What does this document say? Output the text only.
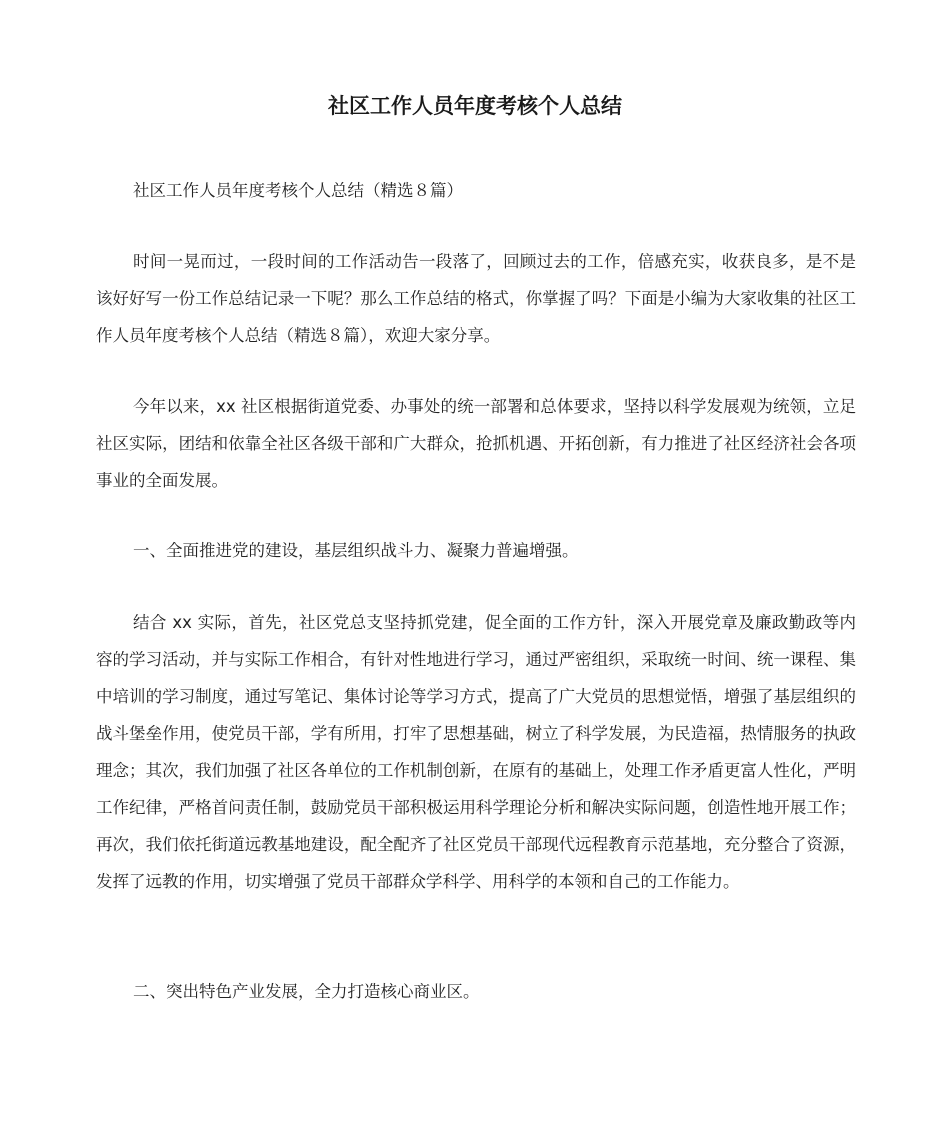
社区工作人员年度考核个人总结
社区工作人员年度考核个人总结（精选８篇）
时间一晃而过，一段时间的工作活动告一段落了，回顾过去的工作，倍感充实，收获良多，是不是该好好写一份工作总结记录一下呢？那么工作总结的格式，你掌握了吗？下面是小编为大家收集的社区工作人员年度考核个人总结（精选８篇），欢迎大家分享。
今年以来，xx 社区根据街道党委、办事处的统一部署和总体要求，坚持以科学发展观为统领，立足社区实际，团结和依靠全社区各级干部和广大群众，抢抓机遇、开拓创新，有力推进了社区经济社会各项事业的全面发展。
一、全面推进党的建设，基层组织战斗力、凝聚力普遍增强。
结合 xx 实际，首先，社区党总支坚持抓党建，促全面的工作方针，深入开展党章及廉政勤政等内容的学习活动，并与实际工作相合，有针对性地进行学习，通过严密组织，采取统一时间、统一课程、集中培训的学习制度，通过写笔记、集体讨论等学习方式，提高了广大党员的思想觉悟，增强了基层组织的战斗堡垒作用，使党员干部，学有所用，打牢了思想基础，树立了科学发展，为民造福，热情服务的执政理念；其次，我们加强了社区各单位的工作机制创新，在原有的基础上，处理工作矛盾更富人性化，严明工作纪律，严格首问责任制，鼓励党员干部积极运用科学理论分析和解决实际问题，创造性地开展工作；再次，我们依托街道远教基地建设，配全配齐了社区党员干部现代远程教育示范基地，充分整合了资源，发挥了远教的作用，切实增强了党员干部群众学科学、用科学的本领和自己的工作能力。
二、突出特色产业发展，全力打造核心商业区。
